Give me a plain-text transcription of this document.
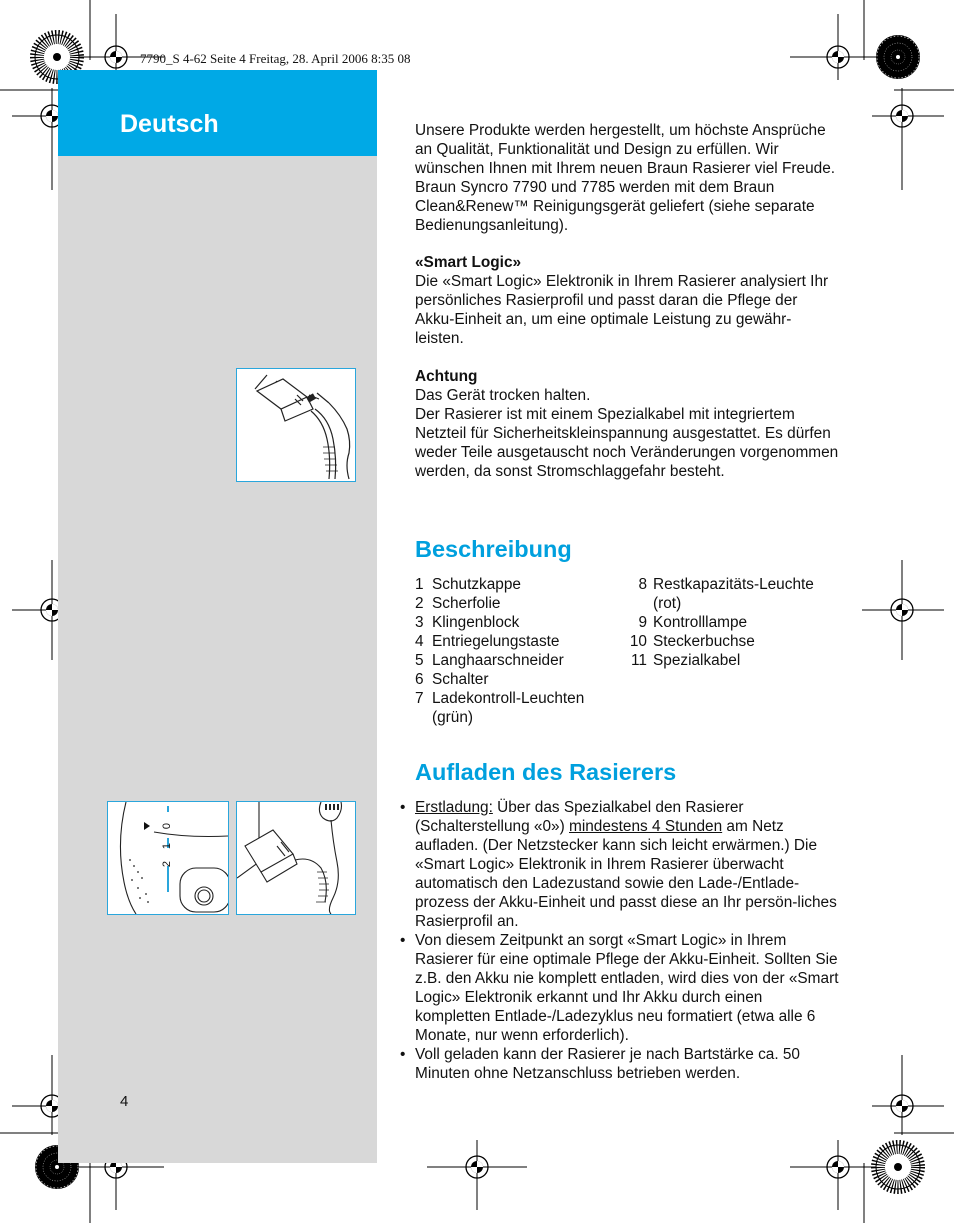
7790_S 4-62 Seite 4 Freitag, 28. April 2006 8:35 08
Deutsch
0
1
2
Unsere Produkte werden hergestellt, um höchste Ansprüche an Qualität, Funktionalität und Design zu erfüllen. Wir wünschen Ihnen mit Ihrem neuen Braun Rasierer viel Freude. Braun Syncro 7790 und 7785 werden mit dem Braun Clean&Renew™ Reinigungsgerät geliefert (siehe separate Bedienungsanleitung).
«Smart Logic»
Die «Smart Logic» Elektronik in Ihrem Rasierer analysiert Ihr persönliches Rasierprofil und passt daran die Pflege der Akku-Einheit an, um eine optimale Leistung zu gewähr-leisten.
Achtung
Das Gerät trocken halten.
Der Rasierer ist mit einem Spezialkabel mit integriertem Netzteil für Sicherheitskleinspannung ausgestattet. Es dürfen weder Teile ausgetauscht noch Veränderungen vorgenommen werden, da sonst Stromschlaggefahr besteht.
Beschreibung
1 Schutzkappe
2 Scherfolie
3 Klingenblock
4 Entriegelungstaste
5 Langhaarschneider
6 Schalter
7 Ladekontroll-Leuchten
(grün)
8 Restkapazitäts-Leuchte
(rot)
9 Kontrolllampe
10 Steckerbuchse
11 Spezialkabel
Aufladen des Rasierers
• Erstladung: Über das Spezialkabel den Rasierer (Schalterstellung «0») mindestens 4 Stunden am Netz aufladen. (Der Netzstecker kann sich leicht erwärmen.) Die «Smart Logic» Elektronik in Ihrem Rasierer überwacht automatisch den Ladezustand sowie den Lade-/Entlade-prozess der Akku-Einheit und passt diese an Ihr persön-liches Rasierprofil an.
• Von diesem Zeitpunkt an sorgt «Smart Logic» in Ihrem Rasierer für eine optimale Pflege der Akku-Einheit. Sollten Sie z.B. den Akku nie komplett entladen, wird dies von der «Smart Logic» Elektronik erkannt und Ihr Akku durch einen kompletten Entlade-/Ladezyklus neu formatiert (etwa alle 6 Monate, nur wenn erforderlich).
• Voll geladen kann der Rasierer je nach Bartstärke ca. 50 Minuten ohne Netzanschluss betrieben werden.
4
